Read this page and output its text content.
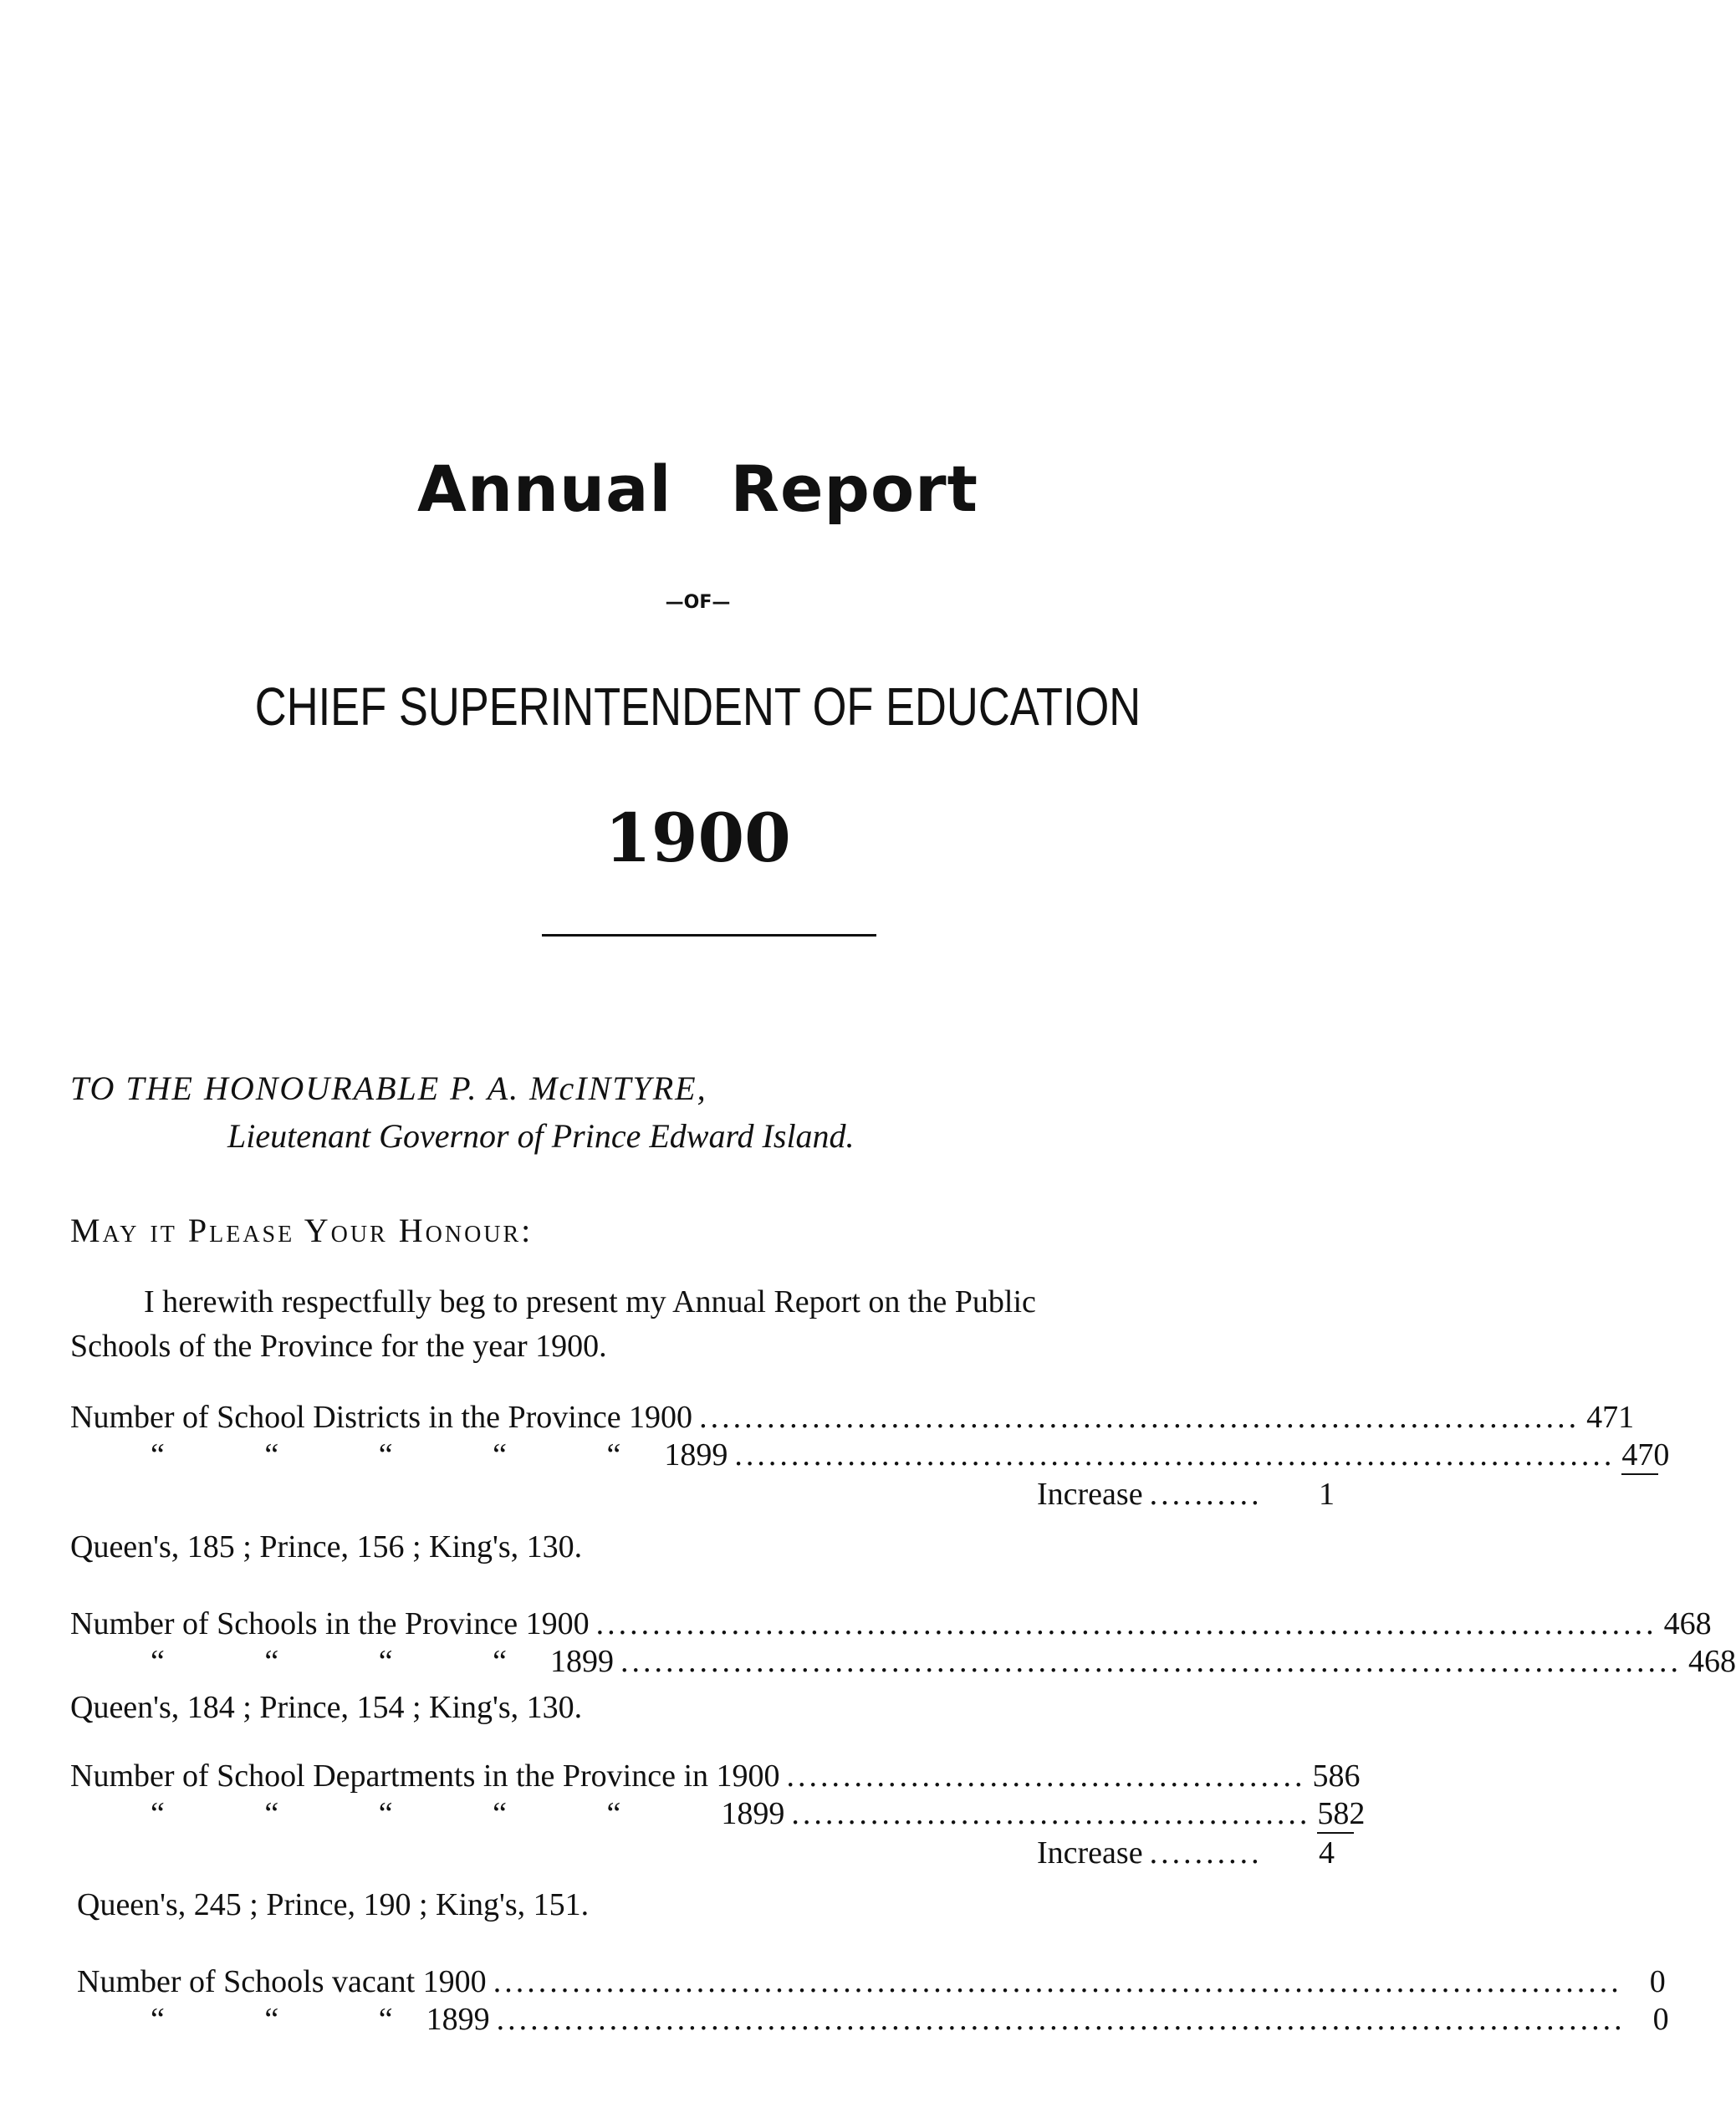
Annual Report
—OF—
CHIEF SUPERINTENDENT OF EDUCATION
1900
TO THE HONOURABLE P. A. McINTYRE,
Lieutenant Governor of Prince Edward Island.
May it Please Your Honour:
I herewith respectfully beg to present my Annual Report on the Public
Schools of the Province for the year 1900.
Number of School Districts in the Province 1900 .............................................................................. 471
“ “ “ “ “ 1899 .............................................................................. 470
Increase ..........	1
Queen's, 185 ; Prince, 156 ; King's, 130.
Number of Schools in the Province 1900 .............................................................................................. 468
“ “ “ “ 1899 .............................................................................................. 468
Queen's, 184 ; Prince, 154 ; King's, 130.
Number of School Departments in the Province in 1900 .............................................. 586
“ “ “ “ “	1899 .............................................. 582
Increase ..........	4
Queen's, 245 ; Prince, 190 ; King's, 151.
Number of Schools vacant 1900 .................................................................................................... 0
“ “ “ 1899 .................................................................................................... 0
